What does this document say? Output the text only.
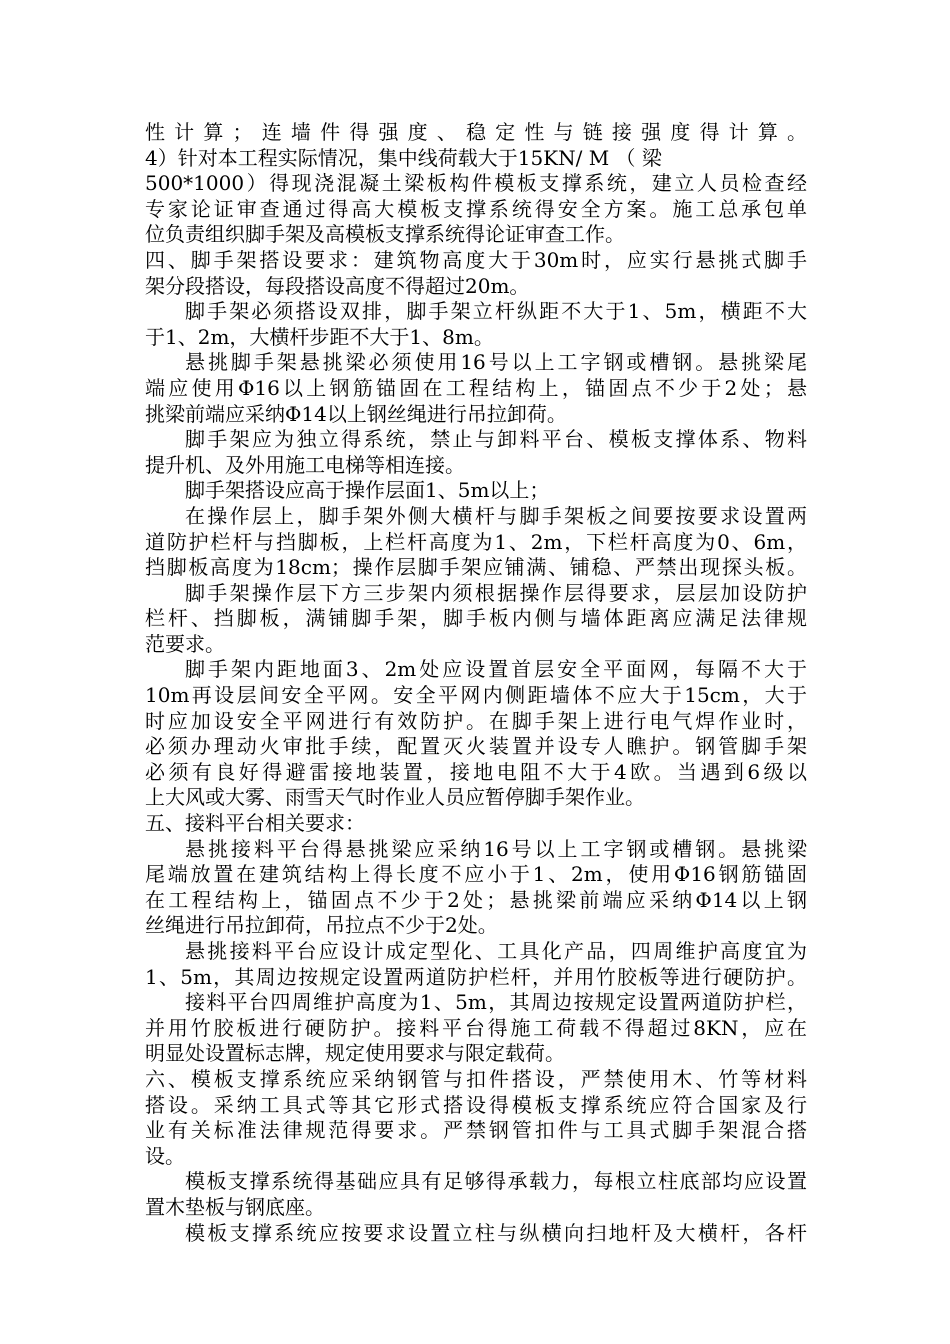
性计算；连墙件得强度、稳定性与链接强度得计算。
4）针对本工程实际情况，集中线荷载大于15KN/ M （ 梁
500*1000）得现浇混凝土梁板构件模板支撑系统，建立人员检查经
专家论证审查通过得高大模板支撑系统得安全方案。施工总承包单
位负责组织脚手架及高模板支撑系统得论证审查工作。
四、脚手架搭设要求：建筑物高度大于30m时，应实行悬挑式脚手
架分段搭设，每段搭设高度不得超过20m。
脚手架必须搭设双排，脚手架立杆纵距不大于1、5m，横距不大
于1、2m，大横杆步距不大于1、8m。
悬挑脚手架悬挑梁必须使用16号以上工字钢或槽钢。悬挑梁尾
端应使用Φ16以上钢筋锚固在工程结构上，锚固点不少于2处；悬
挑梁前端应采纳Φ14以上钢丝绳进行吊拉卸荷。
脚手架应为独立得系统，禁止与卸料平台、模板支撑体系、物料
提升机、及外用施工电梯等相连接。
脚手架搭设应高于操作层面1、5m以上；
在操作层上，脚手架外侧大横杆与脚手架板之间要按要求设置两
道防护栏杆与挡脚板，上栏杆高度为1、2m，下栏杆高度为0、6m，
挡脚板高度为18cm；操作层脚手架应铺满、铺稳、严禁出现探头板。
脚手架操作层下方三步架内须根据操作层得要求，层层加设防护
栏杆、挡脚板，满铺脚手架，脚手板内侧与墙体距离应满足法律规
范要求。
脚手架内距地面3、2m处应设置首层安全平面网，每隔不大于
10m再设层间安全平网。安全平网内侧距墙体不应大于15cm，大于
时应加设安全平网进行有效防护。在脚手架上进行电气焊作业时，
必须办理动火审批手续，配置灭火装置并设专人瞧护。钢管脚手架
必须有良好得避雷接地装置，接地电阻不大于4欧。当遇到6级以
上大风或大雾、雨雪天气时作业人员应暂停脚手架作业。
五、接料平台相关要求：
悬挑接料平台得悬挑梁应采纳16号以上工字钢或槽钢。悬挑梁
尾端放置在建筑结构上得长度不应小于1、2m，使用Φ16钢筋锚固
在工程结构上，锚固点不少于2处；悬挑梁前端应采纳Φ14以上钢
丝绳进行吊拉卸荷，吊拉点不少于2处。
悬挑接料平台应设计成定型化、工具化产品，四周维护高度宜为
1、5m，其周边按规定设置两道防护栏杆，并用竹胶板等进行硬防护。
接料平台四周维护高度为1、5m，其周边按规定设置两道防护栏，
并用竹胶板进行硬防护。接料平台得施工荷载不得超过8KN，应在
明显处设置标志牌，规定使用要求与限定载荷。
六、模板支撑系统应采纳钢管与扣件搭设，严禁使用木、竹等材料
搭设。采纳工具式等其它形式搭设得模板支撑系统应符合国家及行
业有关标准法律规范得要求。严禁钢管扣件与工具式脚手架混合搭
设。
模板支撑系统得基础应具有足够得承载力，每根立柱底部均应设置
置木垫板与钢底座。
模板支撑系统应按要求设置立柱与纵横向扫地杆及大横杆，各杆
